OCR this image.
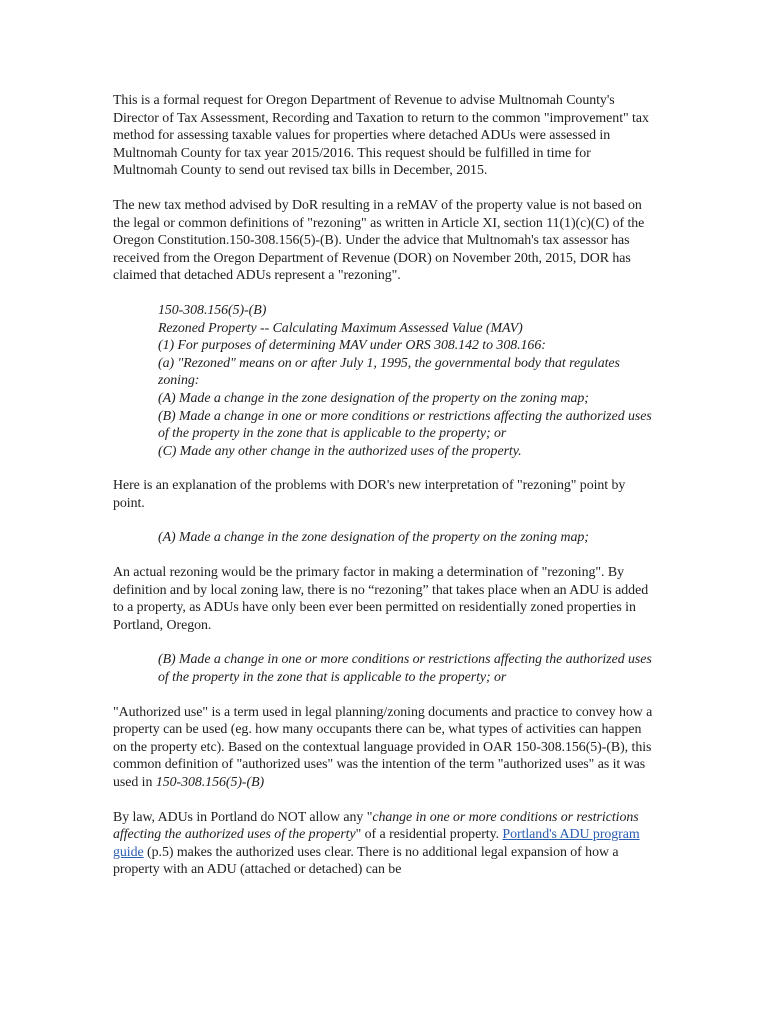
This is a formal request for Oregon Department of Revenue to advise Multnomah County's Director of Tax Assessment, Recording and Taxation to return to the common "improvement" tax method for assessing taxable values for properties where detached ADUs were assessed in Multnomah County for tax year 2015/2016. This request should be fulfilled in time for Multnomah County to send out revised tax bills in December, 2015.

The new tax method advised by DoR resulting in a reMAV of the property value is not based on the legal or common definitions of "rezoning" as written in Article XI, section 11(1)(c)(C) of the Oregon Constitution.150-308.156(5)-(B). Under the advice that Multnomah's tax assessor has received from the Oregon Department of Revenue (DOR) on November 20th, 2015, DOR has claimed that detached ADUs represent a "rezoning".

150-308.156(5)-(B)

Rezoned Property -- Calculating Maximum Assessed Value (MAV)

(1) For purposes of determining MAV under ORS 308.142 to 308.166:

(a) "Rezoned" means on or after July 1, 1995, the governmental body that regulates zoning:

(A) Made a change in the zone designation of the property on the zoning map;

(B) Made a change in one or more conditions or restrictions affecting the authorized uses of the property in the zone that is applicable to the property; or

(C) Made any other change in the authorized uses of the property.

Here is an explanation of the problems with DOR's new interpretation of "rezoning" point by point.

(A) Made a change in the zone designation of the property on the zoning map;

An actual rezoning would be the primary factor in making a determination of "rezoning". By definition and by local zoning law, there is no “rezoning” that takes place when an ADU is added to a property, as ADUs have only been ever been permitted on residentially zoned properties in Portland, Oregon.

(B) Made a change in one or more conditions or restrictions affecting the authorized uses of the property in the zone that is applicable to the property; or

"Authorized use" is a term used in legal planning/zoning documents and practice to convey how a property can be used (eg. how many occupants there can be, what types of activities can happen on the property etc). Based on the contextual language provided in OAR 150-308.156(5)-(B), this common definition of "authorized uses" was the intention of the term "authorized uses" as it was used in 150-308.156(5)-(B)

By law, ADUs in Portland do NOT allow any "change in one or more conditions or restrictions affecting the authorized uses of the property" of a residential property. Portland's ADU program guide (p.5) makes the authorized uses clear. There is no additional legal expansion of how a property with an ADU (attached or detached) can be
